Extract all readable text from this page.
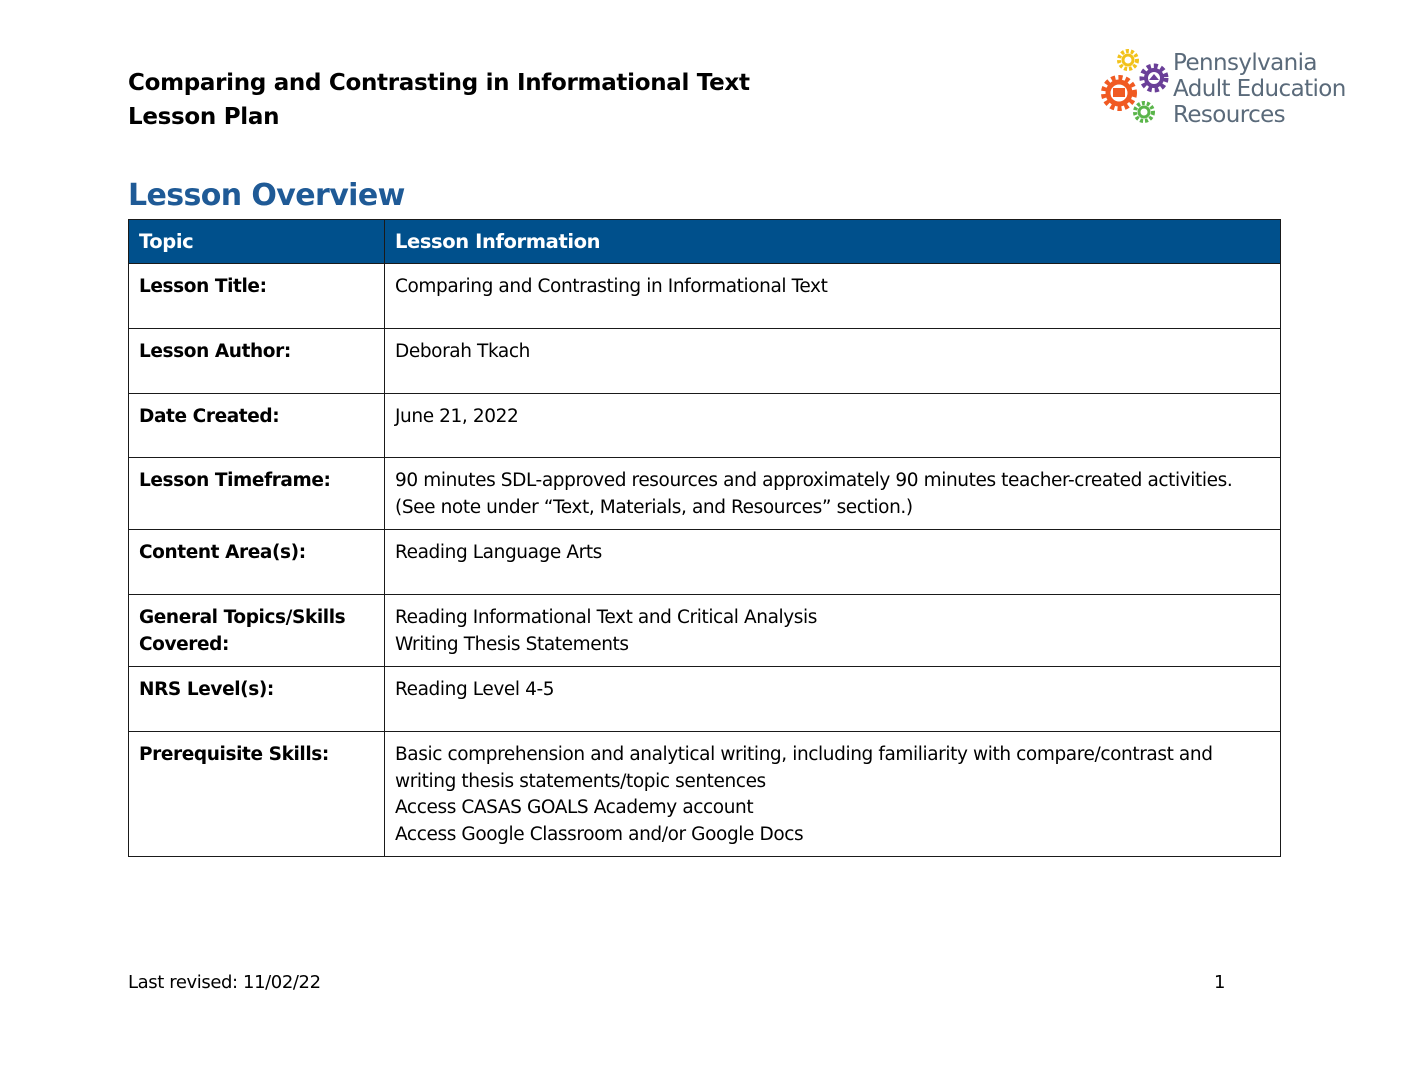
Comparing and Contrasting in Informational Text
Lesson Plan
Pennsylvania
Adult Education
Resources
Lesson Overview
Topic	Lesson Information
Lesson Title:	Comparing and Contrasting in Informational Text

Lesson Author:	Deborah Tkach

Date Created:	June 21, 2022

Lesson Timeframe:	90 minutes SDL-approved resources and approximately 90 minutes teacher-created activities.
(See note under “Text, Materials, and Resources” section.)

Content Area(s):	Reading Language Arts

General Topics/Skills Covered:	Reading Informational Text and Critical Analysis
Writing Thesis Statements

NRS Level(s):	Reading Level 4-5

Prerequisite Skills:	Basic comprehension and analytical writing, including familiarity with compare/contrast and writing thesis statements/topic sentences
Access CASAS GOALS Academy account
Access Google Classroom and/or Google Docs
Last revised: 11/02/22	1
